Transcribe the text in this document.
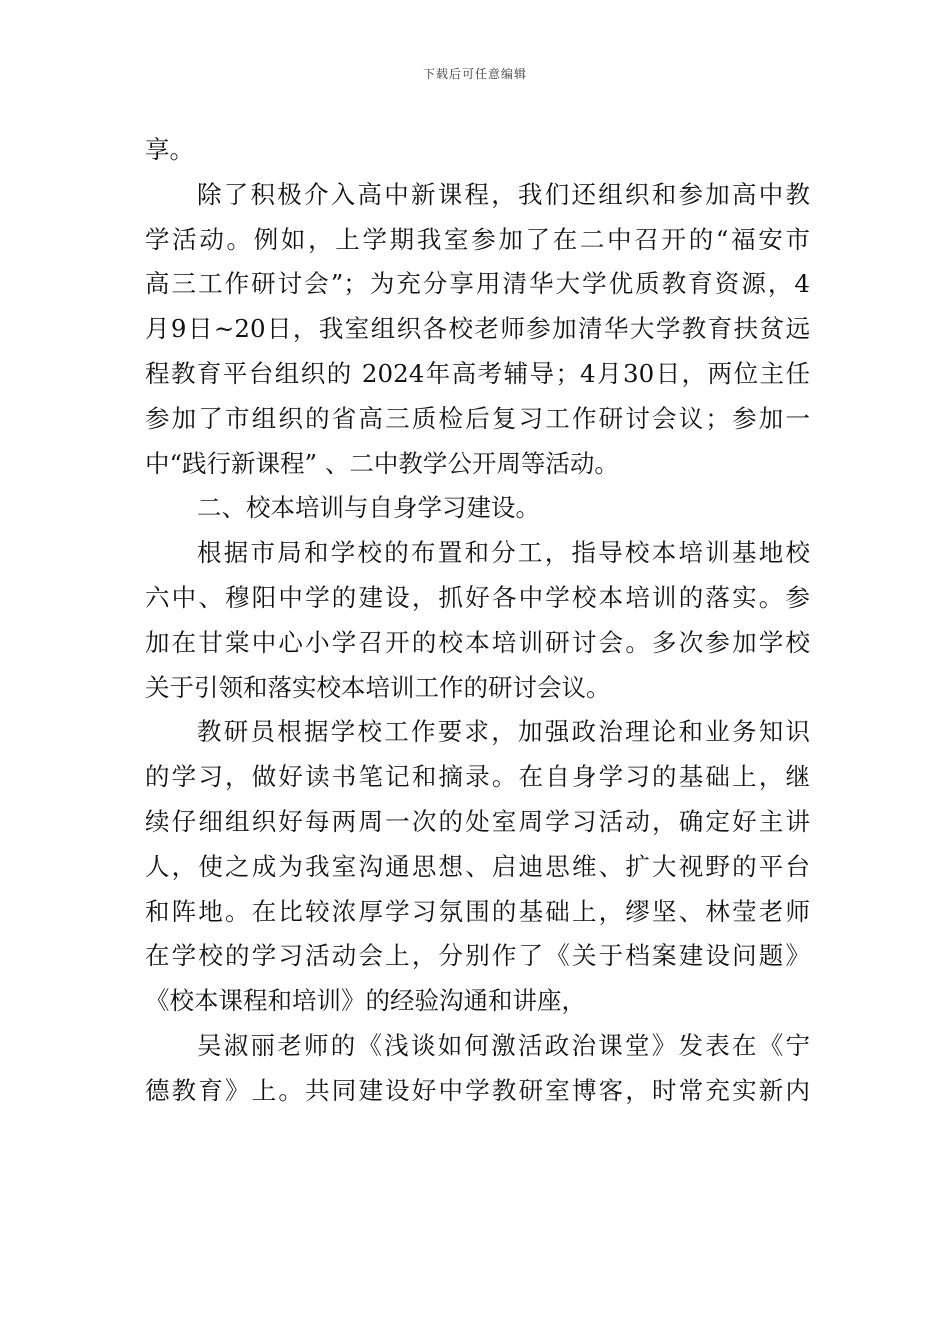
下载后可任意编辑
享。
除了积极介入高中新课程，我们还组织和参加高中教
学活动。例如，上学期我室参加了在二中召开的“福安市
高三工作研讨会”；为充分享用清华大学优质教育资源，4
月9日~20日，我室组织各校老师参加清华大学教育扶贫远
程教育平台组织的 2024年高考辅导；4月30日，两位主任
参加了市组织的省高三质检后复习工作研讨会议；参加一
中“践行新课程” 、二中教学公开周等活动。
二、校本培训与自身学习建设。
根据市局和学校的布置和分工，指导校本培训基地校
六中、穆阳中学的建设，抓好各中学校本培训的落实。参
加在甘棠中心小学召开的校本培训研讨会。多次参加学校
关于引领和落实校本培训工作的研讨会议。
教研员根据学校工作要求，加强政治理论和业务知识
的学习，做好读书笔记和摘录。在自身学习的基础上，继
续仔细组织好每两周一次的处室周学习活动，确定好主讲
人，使之成为我室沟通思想、启迪思维、扩大视野的平台
和阵地。在比较浓厚学习氛围的基础上，缪坚、林莹老师
在学校的学习活动会上，分别作了《关于档案建设问题》
《校本课程和培训》的经验沟通和讲座，
吴淑丽老师的《浅谈如何激活政治课堂》发表在《宁
德教育》上。共同建设好中学教研室博客，时常充实新内
